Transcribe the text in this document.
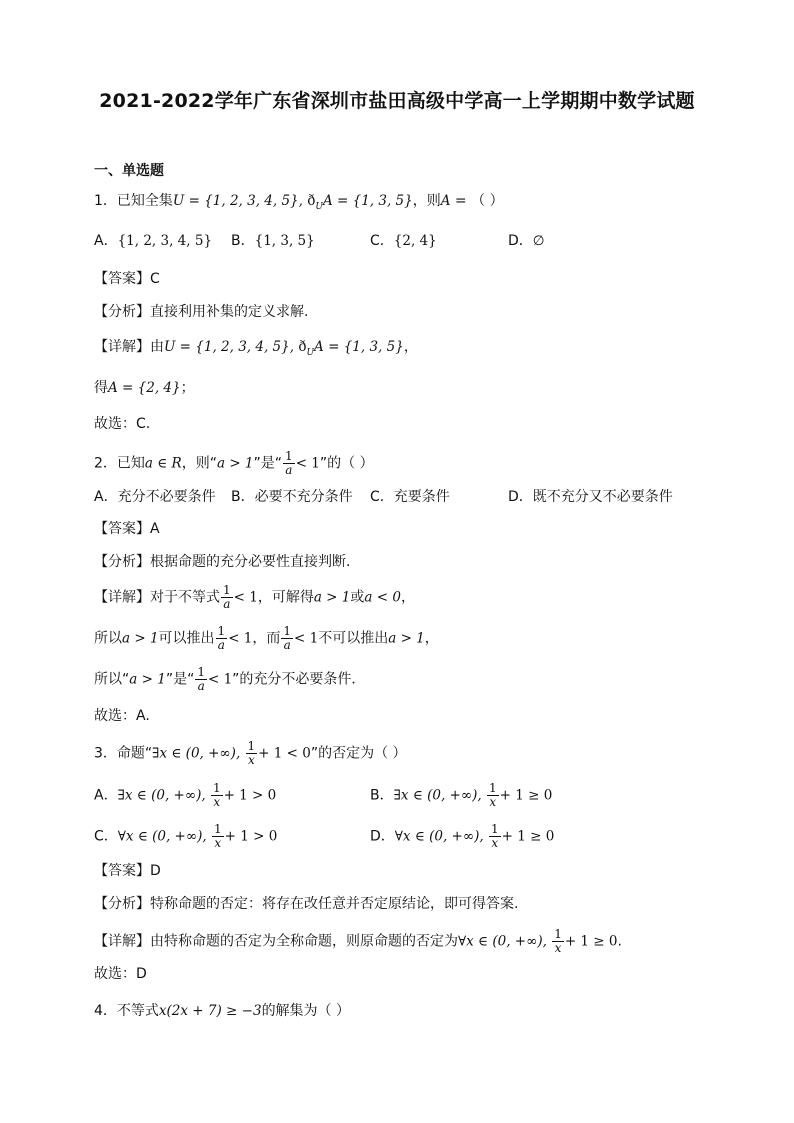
2021-2022学年广东省深圳市盐田高级中学高一上学期期中数学试题
一、单选题
1．已知全集U = {1, 2, 3, 4, 5}, $ð_UA = \{1$, 3, 5}，则A = （ ）
A．{1, 2, 3, 4, 5} B．{1, 3, 5}	C．{2, 4}	D．∅
【答案】C
【分析】直接利用补集的定义求解.
【详解】由U = {1, 2, 3, 4, 5}, $ð_UA = \{1$, 3, 5}，
得A = {2, 4}；
故选：C.
2．已知a ∈ R，则“a > 1”是“ $\frac{1}{a} < 1$”的（ ）
A．充分不必要条件 B．必要不充分条件 C．充要条件	D．既不充分又不必要条件
【答案】A
【分析】根据命题的充分必要性直接判断.
【详解】对于不等式 $\frac{1}{a} < 1$，可解得a > 1或a < 0，
所以a > 1可以推出 $\frac{1}{a} < 1$，而 $\frac{1}{a} < 1$不可以推出a > 1，
所以“a > 1”是“ $\frac{1}{a} < 1$”的充分不必要条件．
故选：A.
3．命题“∃x ∈ (0, +∞), $\frac{1}{x} + 1 < 0$”的否定为（ ）
A．∃x ∈ (0, +∞), $\frac{1}{x} + 1 > 0$	B．∃x ∈ (0, +∞), $\frac{1}{x} + 1 \ge 0$
C．∀x ∈ (0, +∞), $\frac{1}{x} + 1 > 0$	D．∀x ∈ (0, +∞), $\frac{1}{x} + 1 \ge 0$
【答案】D
【分析】特称命题的否定：将存在改任意并否定原结论，即可得答案.
【详解】由特称命题的否定为全称命题，则原命题的否定为∀x ∈ (0, +∞), $\frac{1}{x} + 1 \ge 0$.
故选：D
4．不等式x(2x + 7) ≥ −3的解集为（ ）
